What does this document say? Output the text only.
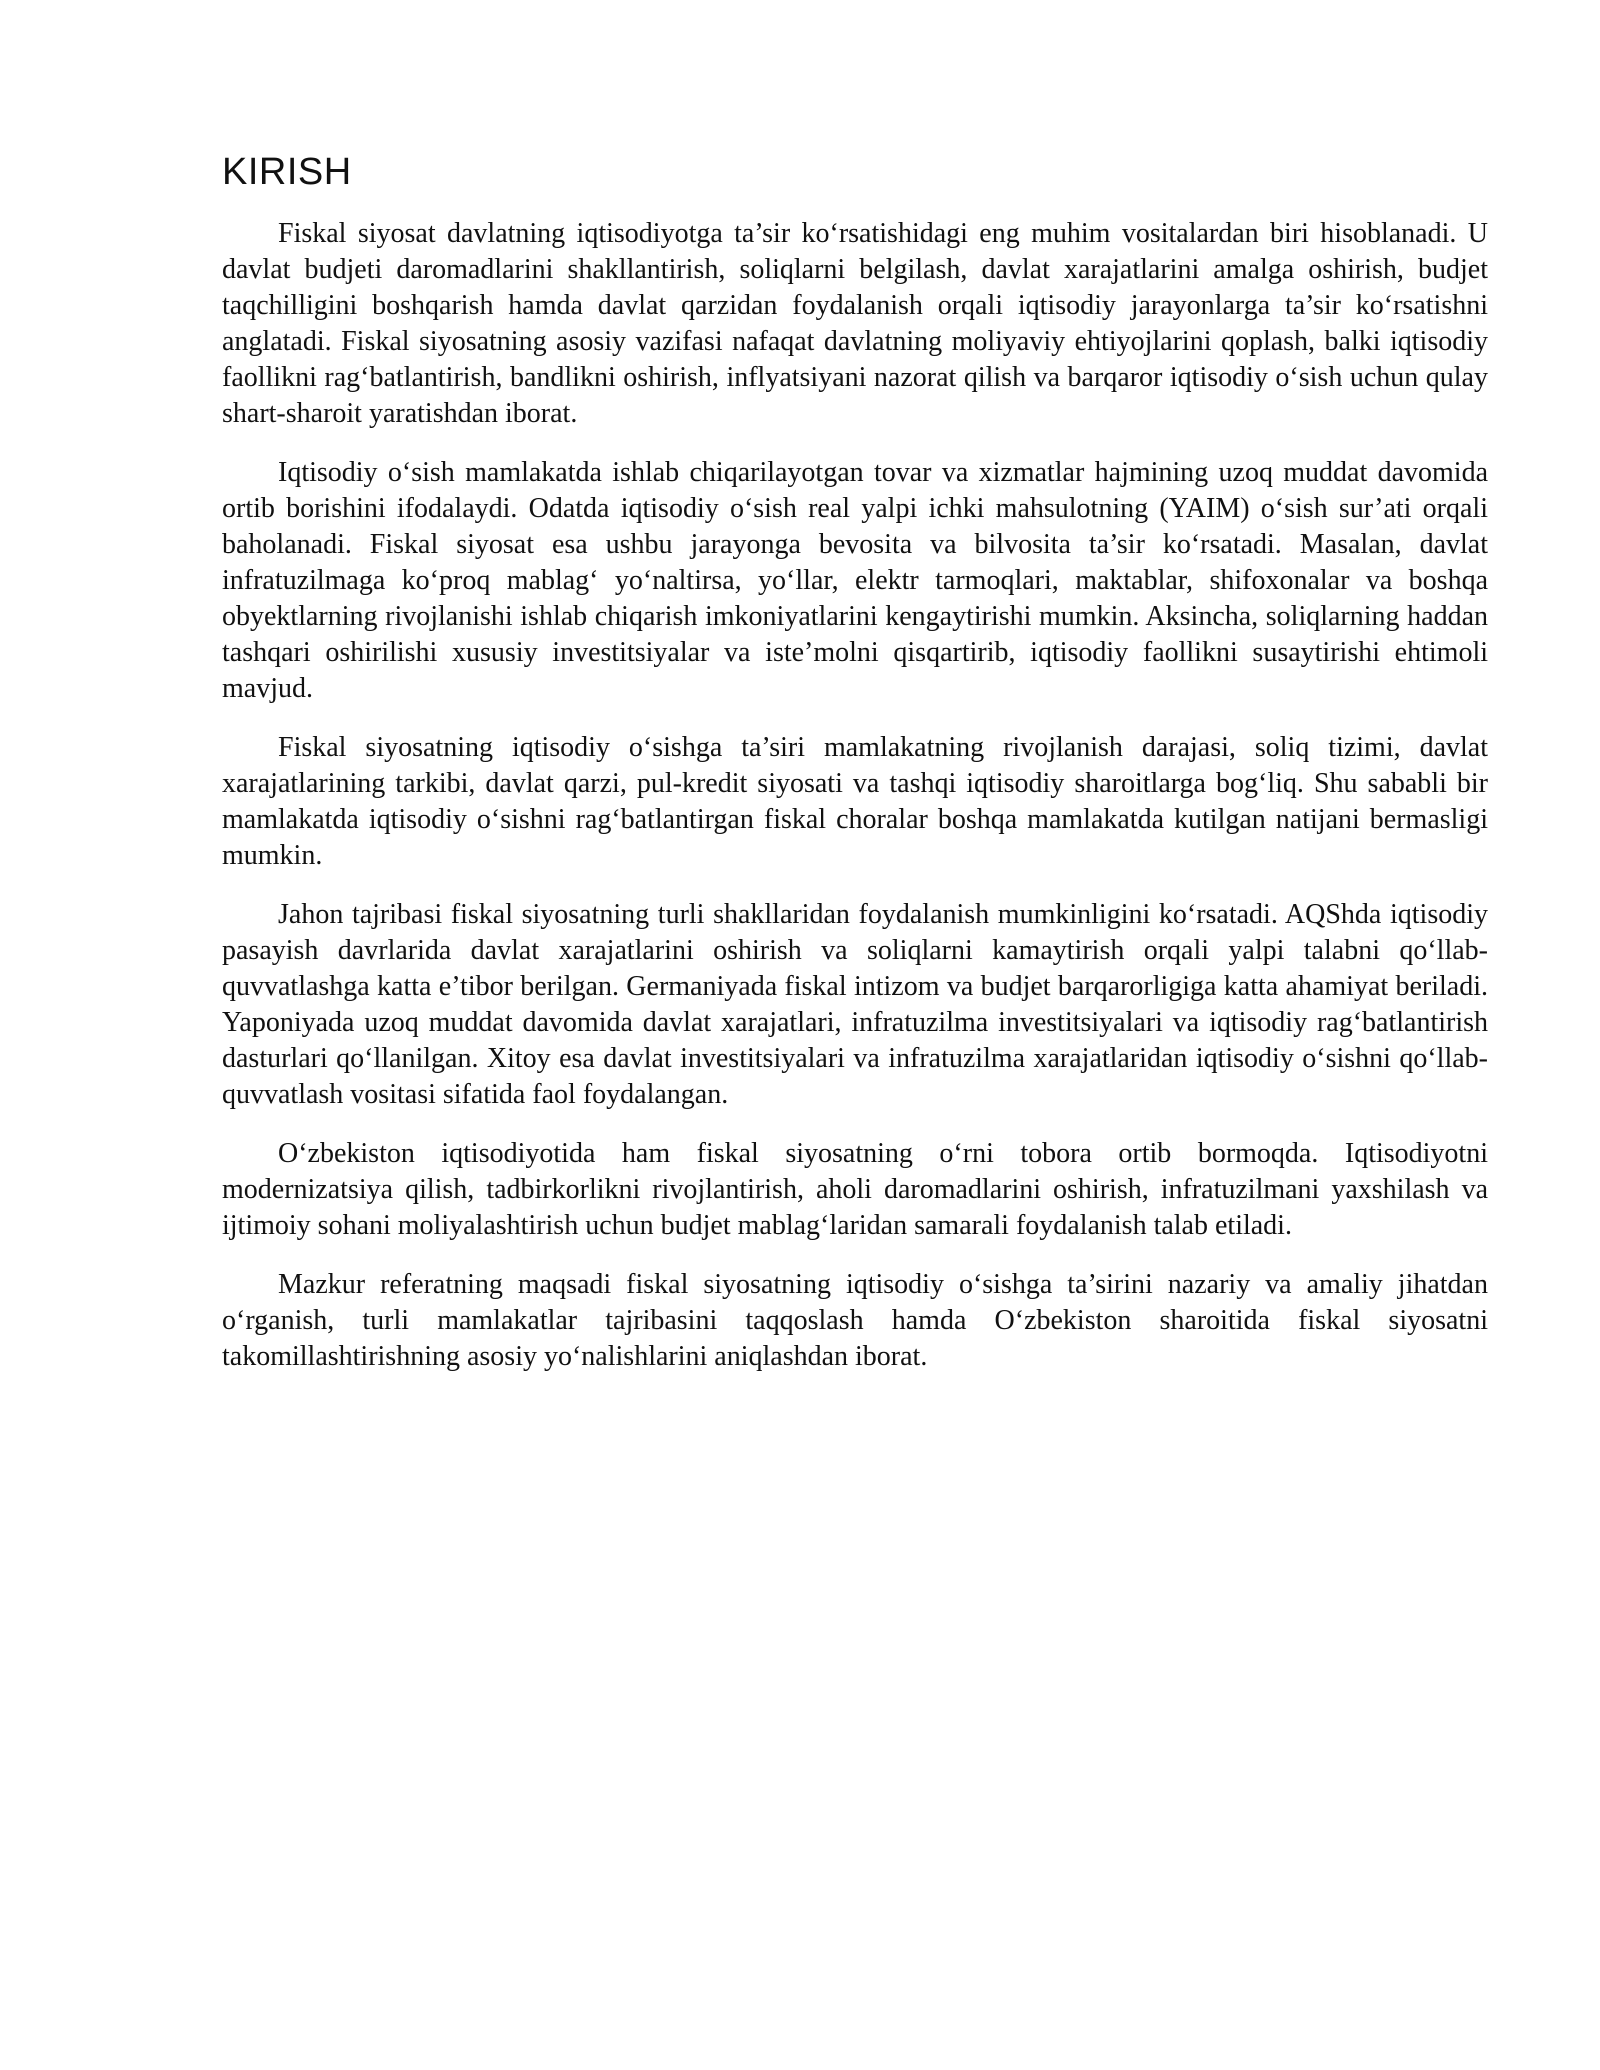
KIRISH

Fiskal siyosat davlatning iqtisodiyotga ta’sir ko‘rsatishidagi eng muhim vositalardan biri hisoblanadi. U davlat budjeti daromadlarini shakllantirish, soliqlarni belgilash, davlat xarajatlarini amalga oshirish, budjet taqchilligini boshqarish hamda davlat qarzidan foydalanish orqali iqtisodiy jarayonlarga ta’sir ko‘rsatishni anglatadi. Fiskal siyosatning asosiy vazifasi nafaqat davlatning moliyaviy ehtiyojlarini qoplash, balki iqtisodiy faollikni rag‘batlantirish, bandlikni oshirish, inflyatsiyani nazorat qilish va barqaror iqtisodiy o‘sish uchun qulay shart-sharoit yaratishdan iborat.

Iqtisodiy o‘sish mamlakatda ishlab chiqarilayotgan tovar va xizmatlar hajmining uzoq muddat davomida ortib borishini ifodalaydi. Odatda iqtisodiy o‘sish real yalpi ichki mahsulotning (YAIM) o‘sish sur’ati orqali baholanadi. Fiskal siyosat esa ushbu jarayonga bevosita va bilvosita ta’sir ko‘rsatadi. Masalan, davlat infratuzilmaga ko‘proq mablag‘ yo‘naltirsa, yo‘llar, elektr tarmoqlari, maktablar, shifoxonalar va boshqa obyektlarning rivojlanishi ishlab chiqarish imkoniyatlarini kengaytirishi mumkin. Aksincha, soliqlarning haddan tashqari oshirilishi xususiy investitsiyalar va iste’molni qisqartirib, iqtisodiy faollikni susaytirishi ehtimoli mavjud.

Fiskal siyosatning iqtisodiy o‘sishga ta’siri mamlakatning rivojlanish darajasi, soliq tizimi, davlat xarajatlarining tarkibi, davlat qarzi, pul-kredit siyosati va tashqi iqtisodiy sharoitlarga bog‘liq. Shu sababli bir mamlakatda iqtisodiy o‘sishni rag‘batlantirgan fiskal choralar boshqa mamlakatda kutilgan natijani bermasligi mumkin.

Jahon tajribasi fiskal siyosatning turli shakllaridan foydalanish mumkinligini ko‘rsatadi. AQShda iqtisodiy pasayish davrlarida davlat xarajatlarini oshirish va soliqlarni kamaytirish orqali yalpi talabni qo‘llab-quvvatlashga katta e’tibor berilgan. Germaniyada fiskal intizom va budjet barqarorligiga katta ahamiyat beriladi. Yaponiyada uzoq muddat davomida davlat xarajatlari, infratuzilma investitsiyalari va iqtisodiy rag‘batlantirish dasturlari qo‘llanilgan. Xitoy esa davlat investitsiyalari va infratuzilma xarajatlaridan iqtisodiy o‘sishni qo‘llab-quvvatlash vositasi sifatida faol foydalangan.

O‘zbekiston iqtisodiyotida ham fiskal siyosatning o‘rni tobora ortib bormoqda. Iqtisodiyotni modernizatsiya qilish, tadbirkorlikni rivojlantirish, aholi daromadlarini oshirish, infratuzilmani yaxshilash va ijtimoiy sohani moliyalashtirish uchun budjet mablag‘laridan samarali foydalanish talab etiladi.

Mazkur referatning maqsadi fiskal siyosatning iqtisodiy o‘sishga ta’sirini nazariy va amaliy jihatdan o‘rganish, turli mamlakatlar tajribasini taqqoslash hamda O‘zbekiston sharoitida fiskal siyosatni takomillashtirishning asosiy yo‘nalishlarini aniqlashdan iborat.
